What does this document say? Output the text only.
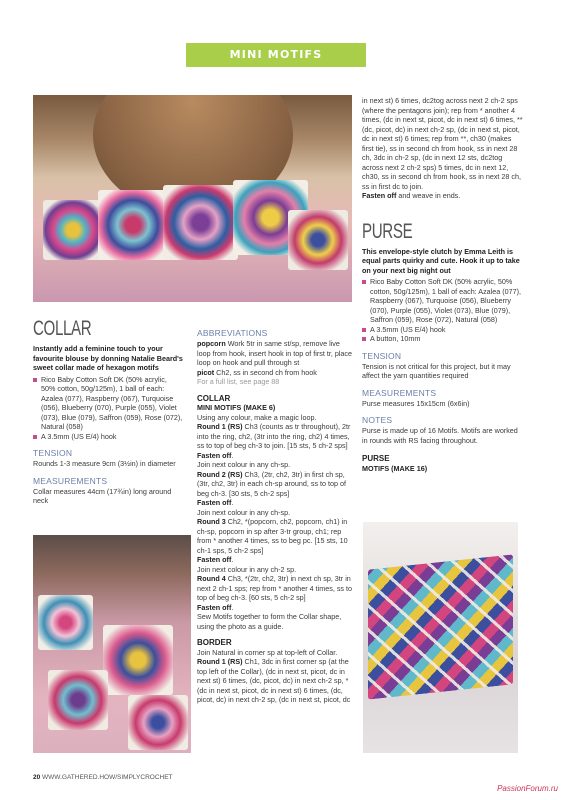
MINI MOTIFS COLLECTION
COLLAR

Instantly add a feminine touch to your favourite blouse by donning Natalie Beard's sweet collar made of hexagon motifs

Rico Baby Cotton Soft DK (50% acrylic, 50% cotton, 50g/125m), 1 ball of each: Azalea (077), Raspberry (067), Turquoise (056), Blueberry (070), Purple (055), Violet (073), Blue (079), Saffron (059), Rose (072), Natural (058)
A 3.5mm (US E/4) hook
TENSION

Rounds 1-3 measure 9cm (3½in) in diameter

MEASUREMENTS

Collar measures 44cm (17¾in) long around neck

ABBREVIATIONS

popcorn Work 5tr in same st/sp, remove live loop from hook, insert hook in top of first tr, place loop on hook and pull through st

picot Ch2, ss in second ch from hook

For a full list, see page 88

COLLAR
MINI MOTIFS (MAKE 6)

Using any colour, make a magic loop.

Round 1 (RS) Ch3 (counts as tr throughout), 2tr into the ring, ch2, (3tr into the ring, ch2) 4 times, ss to top of beg ch-3 to join. [15 sts, 5 ch-2 sps]

Fasten off.

Join next colour in any ch-sp.

Round 2 (RS) Ch3, (2tr, ch2, 3tr) in first ch sp, (3tr, ch2, 3tr) in each ch-sp around, ss to top of beg ch-3. [30 sts, 5 ch-2 sps]

Fasten off.

Join next colour in any ch-sp.

Round 3 Ch2, *(popcorn, ch2, popcorn, ch1) in ch-sp, popcorn in sp after 3-tr group, ch1; rep from * another 4 times, ss to beg pc. [15 sts, 10 ch-1 sps, 5 ch-2 sps]

Fasten off.

Join next colour in any ch-2 sp.

Round 4 Ch3, *(2tr, ch2, 3tr) in next ch sp, 3tr in next 2 ch-1 sps; rep from * another 4 times, ss to top of beg ch-3. [60 sts, 5 ch-2 sp]

Fasten off.

Sew Motifs together to form the Collar shape, using the photo as a guide.

BORDER

Join Natural in corner sp at top-left of Collar.

Round 1 (RS) Ch1, 3dc in first corner sp (at the top left of the Collar), (dc in next st, picot, dc in next st) 6 times, (dc, picot, dc) in next ch-2 sp, *(dc in next st, picot, dc in next st) 6 times, (dc, picot, dc) in next ch-2 sp, (dc in next st, picot, dc

in next st) 6 times, dc2tog across next 2 ch-2 sps (where the pentagons join); rep from * another 4 times, (dc in next st, picot, dc in next st) 6 times, **(dc, picot, dc) in next ch-2 sp, (dc in next st, picot, dc in next st) 6 times; rep from **, ch30 (makes first tie), ss in second ch from hook, ss in next 28 ch, 3dc in ch-2 sp, (dc in next 12 sts, dc2tog across next 2 ch-2 sps) 5 times, dc in next 12, ch30, ss in second ch from hook, ss in next 28 ch, ss in first dc to join.

Fasten off and weave in ends.

PURSE

This envelope-style clutch by Emma Leith is equal parts quirky and cute. Hook it up to take on your next big night out

Rico Baby Cotton Soft DK (50% acrylic, 50% cotton, 50g/125m), 1 ball of each: Azalea (077), Raspberry (067), Turquoise (056), Blueberry (070), Purple (055), Violet (073), Blue (079), Saffron (059), Rose (072), Natural (058)
A 3.5mm (US E/4) hook
A button, 10mm
TENSION

Tension is not critical for this project, but it may affect the yarn quantities required

MEASUREMENTS

Purse measures 15x15cm (6x6in)

NOTES

Purse is made up of 16 Motifs. Motifs are worked in rounds with RS facing throughout.

PURSE
MOTIFS (MAKE 16)
20 WWW.GATHERED.HOW/SIMPLYCROCHET
PassionForum.ru
